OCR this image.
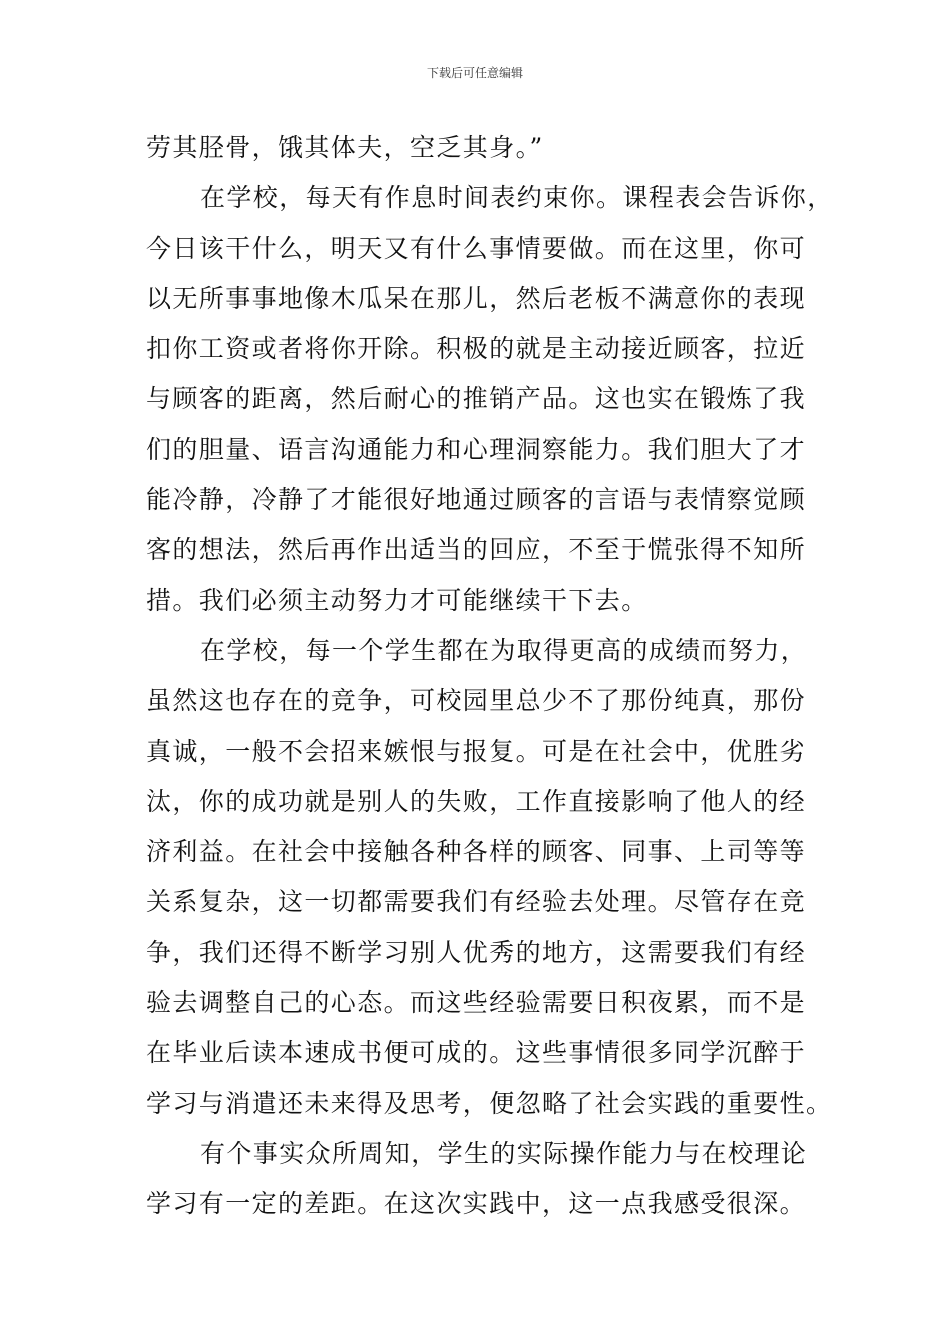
下载后可任意编辑
劳其胫骨，饿其体夫，空乏其身。”
在学校，每天有作息时间表约束你。课程表会告诉你，
今日该干什么，明天又有什么事情要做。而在这里，你可
以无所事事地像木瓜呆在那儿，然后老板不满意你的表现
扣你工资或者将你开除。积极的就是主动接近顾客，拉近
与顾客的距离，然后耐心的推销产品。这也实在锻炼了我
们的胆量、语言沟通能力和心理洞察能力。我们胆大了才
能冷静，冷静了才能很好地通过顾客的言语与表情察觉顾
客的想法，然后再作出适当的回应，不至于慌张得不知所
措。我们必须主动努力才可能继续干下去。
在学校，每一个学生都在为取得更高的成绩而努力，
虽然这也存在的竞争，可校园里总少不了那份纯真，那份
真诚，一般不会招来嫉恨与报复。可是在社会中，优胜劣
汰，你的成功就是别人的失败，工作直接影响了他人的经
济利益。在社会中接触各种各样的顾客、同事、上司等等
关系复杂，这一切都需要我们有经验去处理。尽管存在竞
争，我们还得不断学习别人优秀的地方，这需要我们有经
验去调整自己的心态。而这些经验需要日积夜累，而不是
在毕业后读本速成书便可成的。这些事情很多同学沉醉于
学习与消遣还未来得及思考，便忽略了社会实践的重要性。
有个事实众所周知，学生的实际操作能力与在校理论
学习有一定的差距。在这次实践中，这一点我感受很深。
